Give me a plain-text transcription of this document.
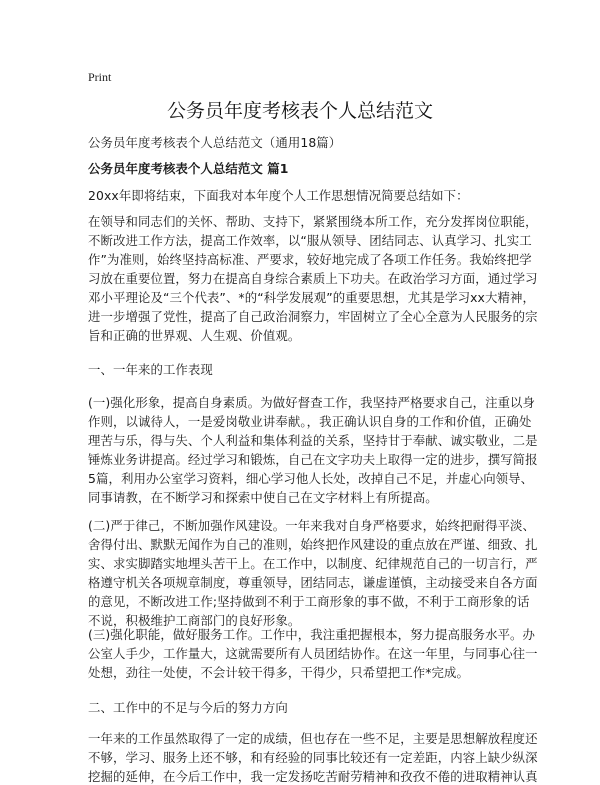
Print
公务员年度考核表个人总结范文
公务员年度考核表个人总结范文（通用18篇）
公务员年度考核表个人总结范文 篇1
20xx年即将结束，下面我对本年度个人工作思想情况简要总结如下：
在领导和同志们的关怀、帮助、支持下，紧紧围绕本所工作，充分发挥岗位职能，
不断改进工作方法，提高工作效率，以“服从领导、团结同志、认真学习、扎实工
作”为准则，始终坚持高标准、严要求，较好地完成了各项工作任务。我始终把学
习放在重要位置，努力在提高自身综合素质上下功夫。在政治学习方面，通过学习
邓小平理论及“三个代表”、*的“科学发展观”的重要思想，尤其是学习xx大精神，
进一步增强了党性，提高了自己政治洞察力，牢固树立了全心全意为人民服务的宗
旨和正确的世界观、人生观、价值观。
一、一年来的工作表现
(一)强化形象，提高自身素质。为做好督查工作，我坚持严格要求自己，注重以身
作则，以诚待人，一是爱岗敬业讲奉献。，我正确认识自身的工作和价值，正确处
理苦与乐，得与失、个人利益和集体利益的关系，坚持甘于奉献、诚实敬业，二是
锤炼业务讲提高。经过学习和锻炼，自己在文字功夫上取得一定的进步，撰写简报
5篇，利用办公室学习资料，细心学习他人长处，改掉自己不足，并虚心向领导、
同事请教，在不断学习和探索中使自己在文字材料上有所提高。
(二)严于律己，不断加强作风建设。一年来我对自身严格要求，始终把耐得平淡、
舍得付出、默默无闻作为自己的准则，始终把作风建设的重点放在严谨、细致、扎
实、求实脚踏实地埋头苦干上。在工作中，以制度、纪律规范自己的一切言行，严
格遵守机关各项规章制度，尊重领导，团结同志，谦虚谨慎，主动接受来自各方面
的意见，不断改进工作;坚持做到不利于工商形象的事不做，不利于工商形象的话
不说，积极维护工商部门的良好形象。
(三)强化职能，做好服务工作。工作中，我注重把握根本，努力提高服务水平。办
公室人手少，工作量大，这就需要所有人员团结协作。在这一年里，与同事心往一
处想，劲往一处使，不会计较干得多，干得少，只希望把工作*完成。
二、工作中的不足与今后的努力方向
一年来的工作虽然取得了一定的成绩，但也存在一些不足，主要是思想解放程度还
不够，学习、服务上还不够，和有经验的同事比较还有一定差距，内容上缺少纵深
挖掘的延伸，在今后工作中，我一定发扬吃苦耐劳精神和孜孜不倦的进取精神认真
